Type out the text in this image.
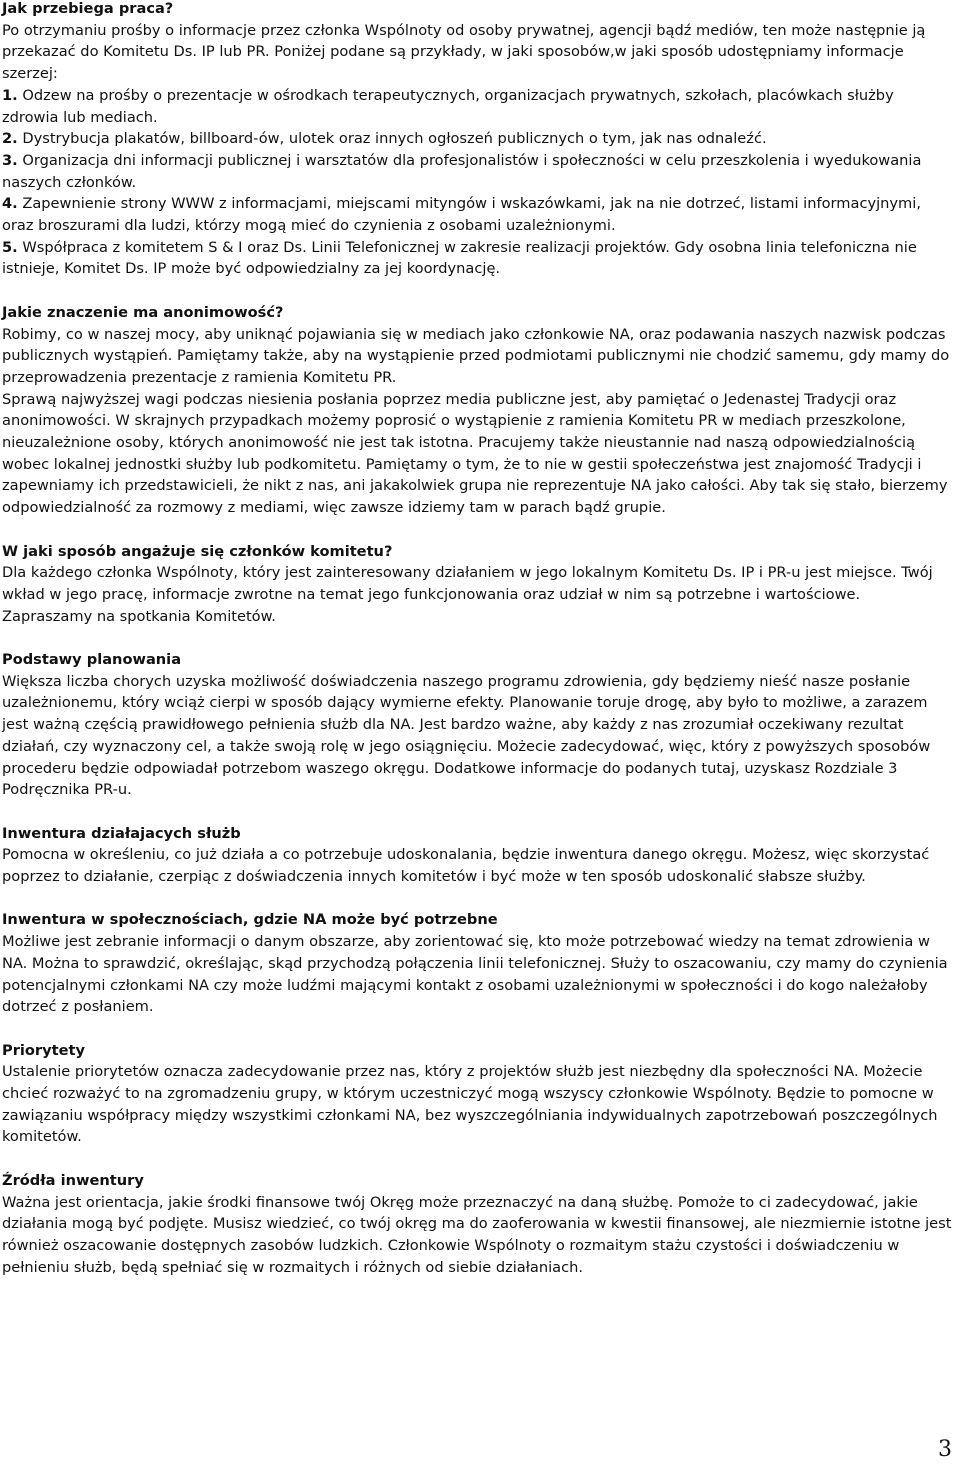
Jak przebiega praca?
Po otrzymaniu prośby o informacje przez członka Wspólnoty od osoby prywatnej, agencji bądź mediów, ten może następnie ją przekazać do Komitetu Ds. IP lub PR. Poniżej podane są przykłady, w jaki sposobów,w jaki sposób udostępniamy informacje szerzej:
1. Odzew na prośby o prezentacje w ośrodkach terapeutycznych, organizacjach prywatnych, szkołach, placówkach służby zdrowia lub mediach.
2. Dystrybucja plakatów, billboard-ów, ulotek oraz innych ogłoszeń publicznych o tym, jak nas odnaleźć.
3. Organizacja dni informacji publicznej i warsztatów dla profesjonalistów i społeczności w celu przeszkolenia i wyedukowania naszych członków.
4. Zapewnienie strony WWW z informacjami, miejscami mityngów i wskazówkami, jak na nie dotrzeć, listami informacyjnymi, oraz broszurami dla ludzi, którzy mogą mieć do czynienia z osobami uzależnionymi.
5. Współpraca z komitetem S & I oraz Ds. Linii Telefonicznej w zakresie realizacji projektów. Gdy osobna linia telefoniczna nie istnieje, Komitet Ds. IP może być odpowiedzialny za jej koordynację.
Jakie znaczenie ma anonimowość?
Robimy, co w naszej mocy, aby uniknąć pojawiania się w mediach jako członkowie NA, oraz podawania naszych nazwisk podczas publicznych wystąpień. Pamiętamy także, aby na wystąpienie przed podmiotami publicznymi nie chodzić samemu, gdy mamy do przeprowadzenia prezentacje z ramienia Komitetu PR.
Sprawą najwyższej wagi podczas niesienia posłania poprzez media publiczne jest, aby pamiętać o Jedenastej Tradycji oraz anonimowości. W skrajnych przypadkach możemy poprosić o wystąpienie z ramienia Komitetu PR w mediach przeszkolone, nieuzależnione osoby, których anonimowość nie jest tak istotna. Pracujemy także nieustannie nad naszą odpowiedzialnością wobec lokalnej jednostki służby lub podkomitetu. Pamiętamy o tym, że to nie w gestii społeczeństwa jest znajomość Tradycji i zapewniamy ich przedstawicieli, że nikt z nas, ani jakakolwiek grupa nie reprezentuje NA jako całości. Aby tak się stało, bierzemy odpowiedzialność za rozmowy z mediami, więc zawsze idziemy tam w parach bądź grupie.
W jaki sposób angażuje się członków komitetu?
Dla każdego członka Wspólnoty, który jest zainteresowany działaniem w jego lokalnym Komitetu Ds. IP i PR-u jest miejsce. Twój wkład w jego pracę, informacje zwrotne na temat jego funkcjonowania oraz udział w nim są potrzebne i wartościowe. Zapraszamy na spotkania Komitetów.
Podstawy planowania
Większa liczba chorych uzyska możliwość doświadczenia naszego programu zdrowienia, gdy będziemy nieść nasze posłanie uzależnionemu, który wciąż cierpi w sposób dający wymierne efekty. Planowanie toruje drogę, aby było to możliwe, a zarazem jest ważną częścią prawidłowego pełnienia służb dla NA. Jest bardzo ważne, aby każdy z nas zrozumiał oczekiwany rezultat działań, czy wyznaczony cel, a także swoją rolę w jego osiągnięciu. Możecie zadecydować, więc, który z powyższych sposobów procederu będzie odpowiadał potrzebom waszego okręgu. Dodatkowe informacje do podanych tutaj, uzyskasz Rozdziale 3 Podręcznika PR-u.
Inwentura działajacych służb
Pomocna w określeniu, co już działa a co potrzebuje udoskonalania, będzie inwentura danego okręgu. Możesz, więc skorzystać poprzez to działanie, czerpiąc z doświadczenia innych komitetów i być może w ten sposób udoskonalić słabsze służby.
Inwentura w społecznościach, gdzie NA może być potrzebne
Możliwe jest zebranie informacji o danym obszarze, aby zorientować się, kto może potrzebować wiedzy na temat zdrowienia w NA. Można to sprawdzić, określając, skąd przychodzą połączenia linii telefonicznej. Służy to oszacowaniu, czy mamy do czynienia potencjalnymi członkami NA czy może ludźmi mającymi kontakt z osobami uzależnionymi w społeczności i do kogo należałoby dotrzeć z posłaniem.
Priorytety
Ustalenie priorytetów oznacza zadecydowanie przez nas, który z projektów służb jest niezbędny dla społeczności NA. Możecie chcieć rozważyć to na zgromadzeniu grupy, w którym uczestniczyć mogą wszyscy członkowie Wspólnoty. Będzie to pomocne w zawiązaniu współpracy między wszystkimi członkami NA, bez wyszczególniania indywidualnych zapotrzebowań poszczególnych komitetów.
Źródła inwentury
Ważna jest orientacja, jakie środki finansowe twój Okręg może przeznaczyć na daną służbę. Pomoże to ci zadecydować, jakie działania mogą być podjęte. Musisz wiedzieć, co twój okręg ma do zaoferowania w kwestii finansowej, ale niezmiernie istotne jest również oszacowanie dostępnych zasobów ludzkich. Członkowie Wspólnoty o rozmaitym stażu czystości i doświadczeniu w pełnieniu służb, będą spełniać się w rozmaitych i różnych od siebie działaniach.
3
